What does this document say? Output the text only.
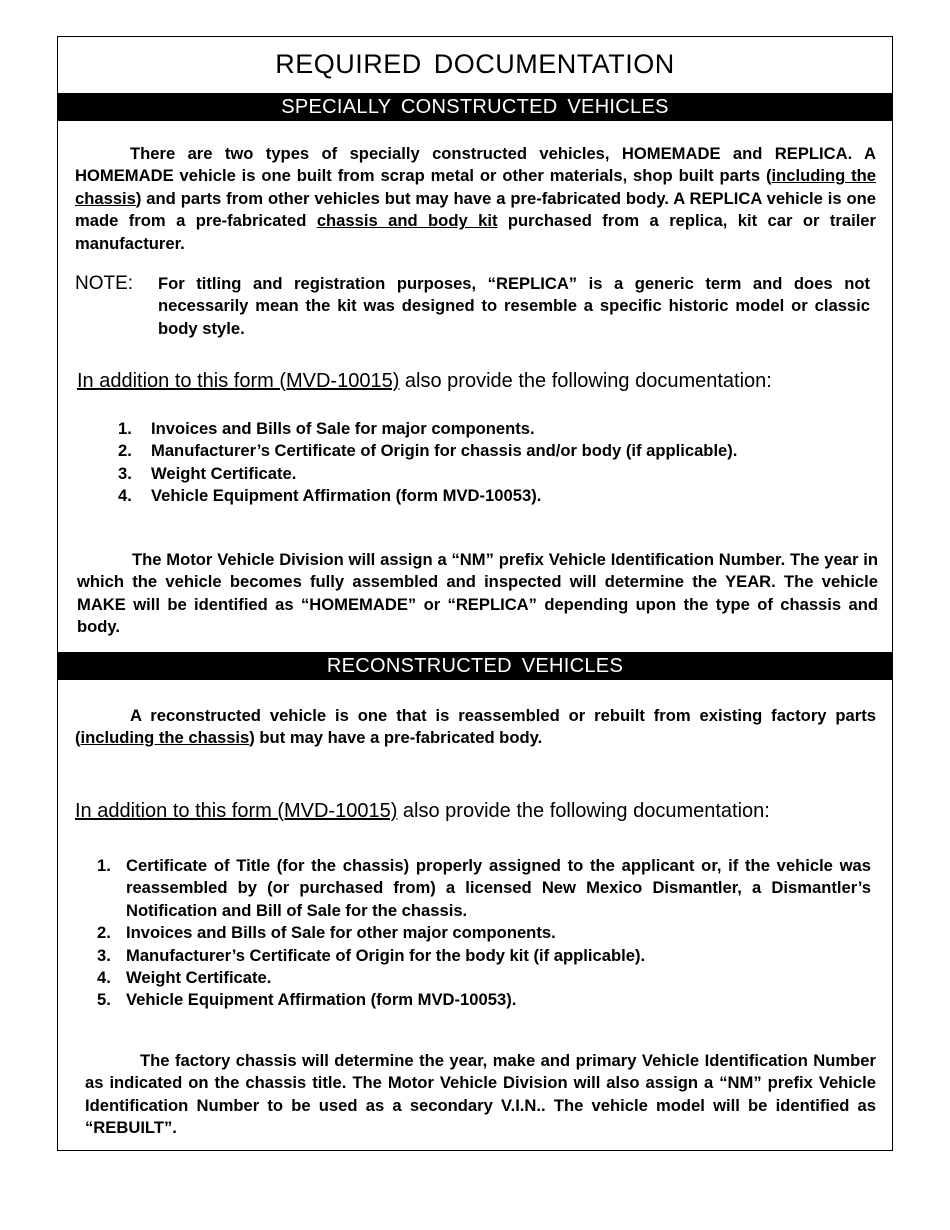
REQUIRED DOCUMENTATION
SPECIALLY CONSTRUCTED VEHICLES

There are two types of specially constructed vehicles, HOMEMADE and REPLICA. A HOMEMADE vehicle is one built from scrap metal or other materials, shop built parts (including the chassis) and parts from other vehicles but may have a pre-fabricated body. A REPLICA vehicle is one made from a pre-fabricated chassis and body kit purchased from a replica, kit car or trailer manufacturer.

NOTE: For titling and registration purposes, “REPLICA” is a generic term and does not necessarily mean the kit was designed to resemble a specific historic model or classic body style.
In addition to this form (MVD-10015) also provide the following documentation:
1. Invoices and Bills of Sale for major components.
2. Manufacturer’s Certificate of Origin for chassis and/or body (if applicable).
3. Weight Certificate.
4. Vehicle Equipment Affirmation (form MVD-10053).

The Motor Vehicle Division will assign a “NM” prefix Vehicle Identification Number. The year in which the vehicle becomes fully assembled and inspected will determine the YEAR. The vehicle MAKE will be identified as “HOMEMADE” or “REPLICA” depending upon the type of chassis and body.

RECONSTRUCTED VEHICLES

A reconstructed vehicle is one that is reassembled or rebuilt from existing factory parts (including the chassis) but may have a pre-fabricated body.

In addition to this form (MVD-10015) also provide the following documentation:
1. Certificate of Title (for the chassis) properly assigned to the applicant or, if the vehicle was reassembled by (or purchased from) a licensed New Mexico Dismantler, a Dismantler’s Notification and Bill of Sale for the chassis.
2. Invoices and Bills of Sale for other major components.
3. Manufacturer’s Certificate of Origin for the body kit (if applicable).
4. Weight Certificate.
5. Vehicle Equipment Affirmation (form MVD-10053).

The factory chassis will determine the year, make and primary Vehicle Identification Number as indicated on the chassis title. The Motor Vehicle Division will also assign a “NM” prefix Vehicle Identification Number to be used as a secondary V.I.N.. The vehicle model will be identified as “REBUILT”.
